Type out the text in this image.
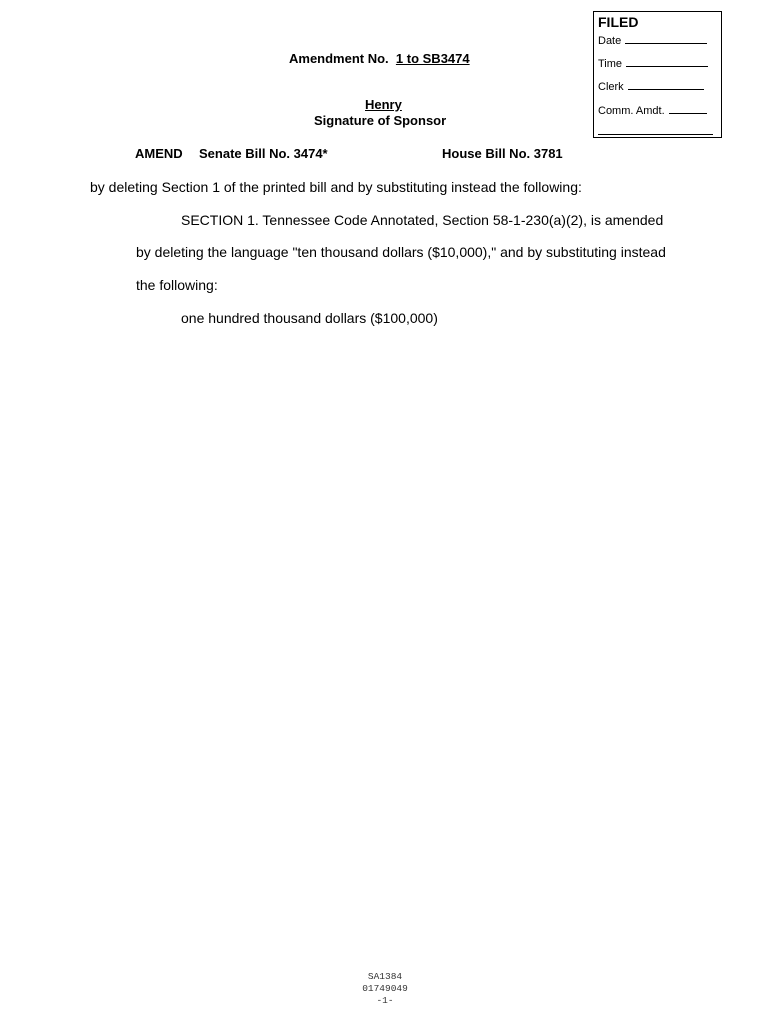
FILED
Date
Time
Clerk
Comm. Amdt.
Amendment No. 1 to SB3474
Henry
Signature of Sponsor
AMEND Senate Bill No. 3474*	House Bill No. 3781
by deleting Section 1 of the printed bill and by substituting instead the following:
SECTION 1. Tennessee Code Annotated, Section 58-1-230(a)(2), is amended
by deleting the language "ten thousand dollars ($10,000)," and by substituting instead
the following:
one hundred thousand dollars ($100,000)
SA1384
01749049
-1-
